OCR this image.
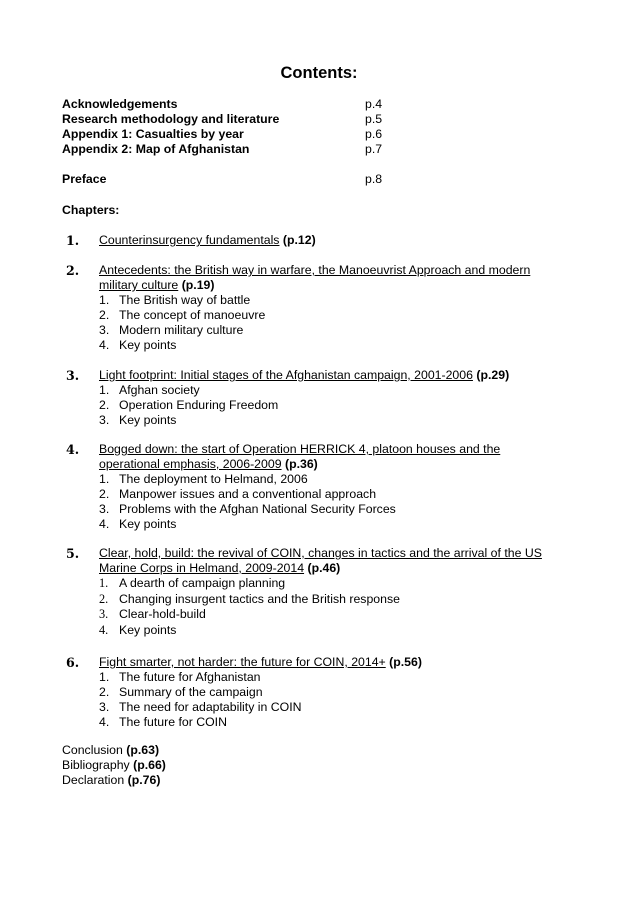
Contents:
Acknowledgements	p.4
Research methodology and literature	p.5
Appendix 1: Casualties by year	p.6
Appendix 2: Map of Afghanistan	p.7
Preface	p.8
Chapters:
1. Counterinsurgency fundamentals (p.12)
2. Antecedents: the British way in warfare, the Manoeuvrist Approach and modern
military culture (p.19)
1. The British way of battle
2. The concept of manoeuvre
3. Modern military culture
4. Key points
3. Light footprint: Initial stages of the Afghanistan campaign, 2001-2006 (p.29)
1. Afghan society
2. Operation Enduring Freedom
3. Key points
4. Bogged down: the start of Operation HERRICK 4, platoon houses and the
operational emphasis, 2006-2009 (p.36)
1. The deployment to Helmand, 2006
2. Manpower issues and a conventional approach
3. Problems with the Afghan National Security Forces
4. Key points
5. Clear, hold, build: the revival of COIN, changes in tactics and the arrival of the US
Marine Corps in Helmand, 2009-2014 (p.46)
1. A dearth of campaign planning
2. Changing insurgent tactics and the British response
3. Clear-hold-build
4. Key points
6. Fight smarter, not harder: the future for COIN, 2014+ (p.56)
1. The future for Afghanistan
2. Summary of the campaign
3. The need for adaptability in COIN
4. The future for COIN
Conclusion (p.63)
Bibliography (p.66)
Declaration (p.76)
